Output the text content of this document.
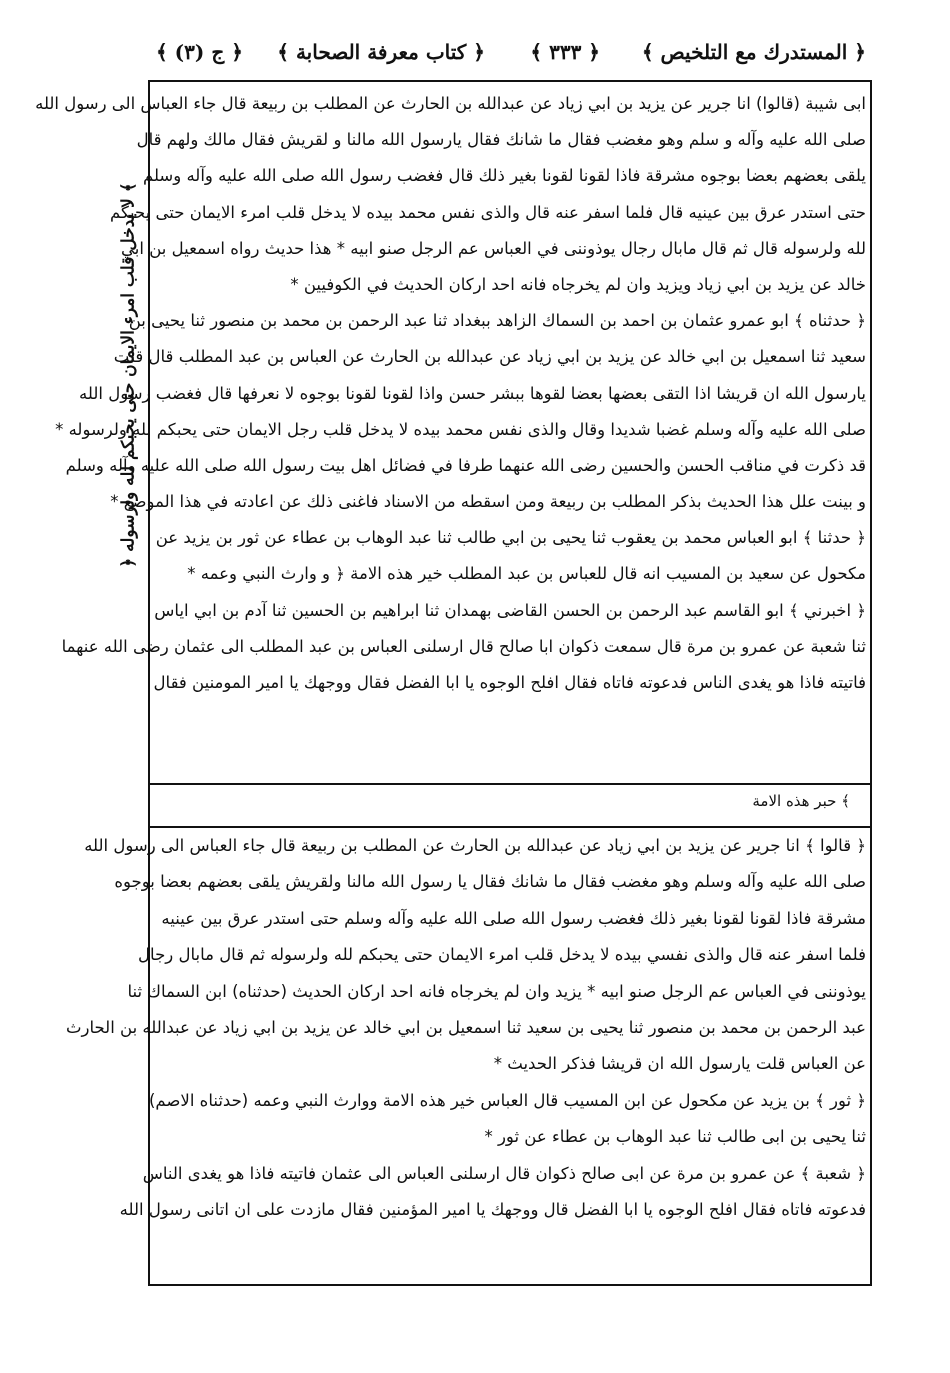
﴿ المستدرك مع التلخيص ﴾
﴿ ٣٣٣ ﴾
﴿ كتاب معرفة الصحابة ﴾
﴿ ج (٣) ﴾
﴿ لا يدخل قلب امرء الايمان حتى يحبكم لله ولرسوله ﴾
ابى شيبة (قالوا) انا جرير عن يزيد بن ابي زياد عن عبدالله بن الحارث عن المطلب بن ربيعة قال جاء العباس الى رسول الله
صلى الله عليه وآله و سلم وهو مغضب فقال ما شانك فقال يارسول الله مالنا و لقريش فقال مالك ولهم قال
يلقى بعضهم بعضا بوجوه مشرقة فاذا لقونا لقونا بغير ذلك قال فغضب رسول الله صلى الله عليه وآله وسلم
حتى استدر عرق بين عينيه قال فلما اسفر عنه قال والذى نفس محمد بيده لا يدخل قلب امرء الايمان حتى يحبكم
لله ولرسوله قال ثم قال مابال رجال يوذوننى في العباس عم الرجل صنو ابيه * هذا حديث رواه اسمعيل بن ابي
خالد عن يزيد بن ابي زياد ويزيد وان لم يخرجاه فانه احد اركان الحديث في الكوفيين *
﴿ حدثناه ﴾ ابو عمرو عثمان بن احمد بن السماك الزاهد ببغداد ثنا عبد الرحمن بن محمد بن منصور ثنا يحيى بن
سعيد ثنا اسمعيل بن ابي خالد عن يزيد بن ابي زياد عن عبدالله بن الحارث عن العباس بن عبد المطلب قال قلت
يارسول الله ان قريشا اذا التقى بعضها بعضا لقوها ببشر حسن واذا لقونا لقونا بوجوه لا نعرفها قال فغضب رسول الله
صلى الله عليه وآله وسلم غضبا شديدا وقال والذى نفس محمد بيده لا يدخل قلب رجل الايمان حتى يحبكم لله ولرسوله *
قد ذكرت في مناقب الحسن والحسين رضى الله عنهما طرفا في فضائل اهل بيت رسول الله صلى الله عليه وآله وسلم
و بينت علل هذا الحديث بذكر المطلب بن ربيعة ومن اسقطه من الاسناد فاغنى ذلك عن اعادته في هذا الموضع *
﴿ حدثنا ﴾ ابو العباس محمد بن يعقوب ثنا يحيى بن ابي طالب ثنا عبد الوهاب بن عطاء عن ثور بن يزيد عن
مكحول عن سعيد بن المسيب انه قال للعباس بن عبد المطلب خير هذه الامة ﴿ و وارث النبي وعمه *
﴿ اخبرني ﴾ ابو القاسم عبد الرحمن بن الحسن القاضى بهمدان ثنا ابراهيم بن الحسين ثنا آدم بن ابي اياس
ثنا شعبة عن عمرو بن مرة قال سمعت ذكوان ابا صالح قال ارسلنى العباس بن عبد المطلب الى عثمان رضى الله عنهما
فاتيته فاذا هو يغدى الناس فدعوته فاتاه فقال افلح الوجوه يا ابا الفضل فقال ووجهك يا امير المومنين فقال
﴾ حبر هذه الامة
﴿ قالوا ﴾ انا جرير عن يزيد بن ابي زياد عن عبدالله بن الحارث عن المطلب بن ربيعة قال جاء العباس الى رسول الله
صلى الله عليه وآله وسلم وهو مغضب فقال ما شانك فقال يا رسول الله مالنا ولقريش يلقى بعضهم بعضا بوجوه
مشرقة فاذا لقونا لقونا بغير ذلك فغضب رسول الله صلى الله عليه وآله وسلم حتى استدر عرق بين عينيه
فلما اسفر عنه قال والذى نفسي بيده لا يدخل قلب امرء الايمان حتى يحبكم لله ولرسوله ثم قال مابال رجال
يوذوننى في العباس عم الرجل صنو ابيه * يزيد وان لم يخرجاه فانه احد اركان الحديث (حدثناه) ابن السماك ثنا
عبد الرحمن بن محمد بن منصور ثنا يحيى بن سعيد ثنا اسمعيل بن ابي خالد عن يزيد بن ابي زياد عن عبدالله بن الحارث
عن العباس قلت يارسول الله ان قريشا فذكر الحديث *
﴿ ثور ﴾ بن يزيد عن مكحول عن ابن المسيب قال العباس خير هذه الامة ووارث النبي وعمه (حدثناه الاصم)
ثنا يحيى بن ابى طالب ثنا عبد الوهاب بن عطاء عن ثور *
﴿ شعبة ﴾ عن عمرو بن مرة عن ابى صالح ذكوان قال ارسلنى العباس الى عثمان فاتيته فاذا هو يغدى الناس
فدعوته فاتاه فقال افلح الوجوه يا ابا الفضل قال ووجهك يا امير المؤمنين فقال مازدت على ان اتانى رسول الله
